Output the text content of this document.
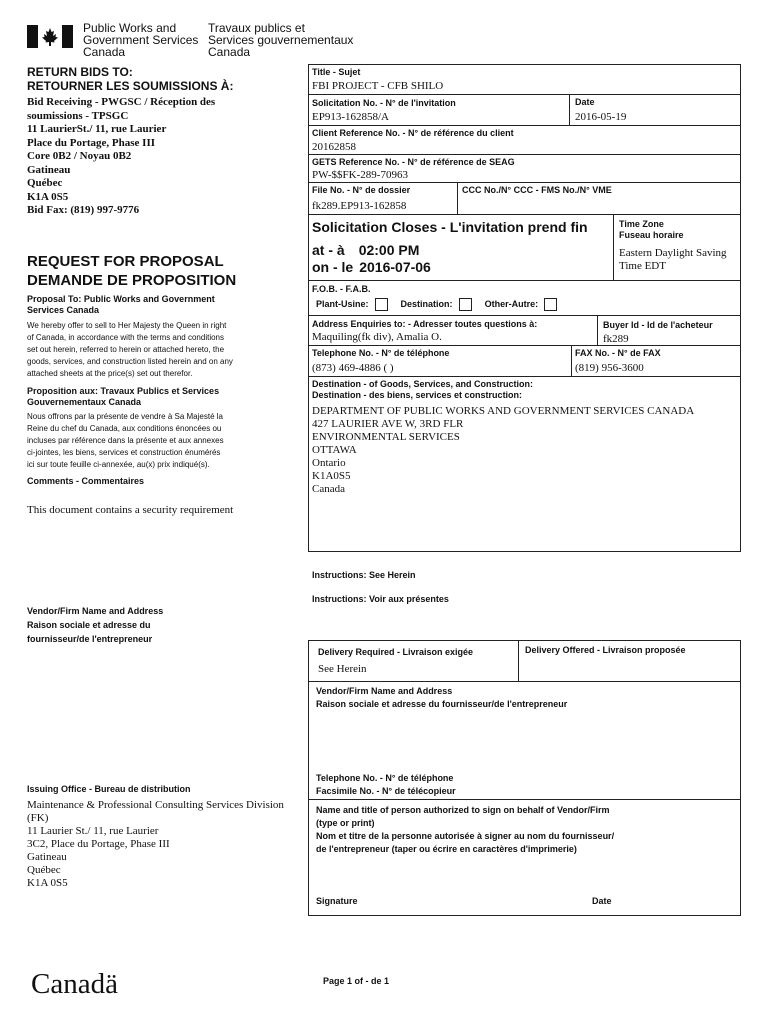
Public Works and
Government Services
Canada
Travaux publics et
Services gouvernementaux
Canada
RETURN BIDS TO:
RETOURNER LES SOUMISSIONS À:
Bid Receiving - PWGSC / Réception des
soumissions - TPSGC
11 LaurierSt./ 11, rue Laurier
Place du Portage, Phase III
Core 0B2 / Noyau 0B2
Gatineau
Québec
K1A 0S5
Bid Fax: (819) 997-9776
REQUEST FOR PROPOSAL
DEMANDE DE PROPOSITION
Proposal To: Public Works and Government
Services Canada
We hereby offer to sell to Her Majesty the Queen in right
of Canada, in accordance with the terms and conditions
set out herein, referred to herein or attached hereto, the
goods, services, and construction listed herein and on any
attached sheets at the price(s) set out therefor.
Proposition aux: Travaux Publics et Services
Gouvernementaux Canada
Nous offrons par la présente de vendre à Sa Majesté la
Reine du chef du Canada, aux conditions énoncées ou
incluses par référence dans la présente et aux annexes
ci-jointes, les biens, services et construction énumérés
ici sur toute feuille ci-annexée, au(x) prix indiqué(s).
Comments - Commentaires
This document contains a security requirement
Vendor/Firm Name and Address
Raison sociale et adresse du
fournisseur/de l'entrepreneur
Issuing Office - Bureau de distribution
Maintenance & Professional Consulting Services Division
(FK)
11 Laurier St./ 11, rue Laurier
3C2, Place du Portage, Phase III
Gatineau
Québec
K1A 0S5
Title - Sujet
FBI PROJECT - CFB SHILO
Solicitation No. - N° de l'invitation
EP913-162858/A
Date
2016-05-19
Client Reference No. - N° de référence du client
20162858
GETS Reference No. - N° de référence de SEAG
PW-$$FK-289-70963
File No. - N° de dossier
fk289.EP913-162858
CCC No./N° CCC - FMS No./N° VME
Solicitation Closes - L'invitation prend fin
at - à 02:00 PM
on - le 2016-07-06
Time Zone
Fuseau horaire
Eastern Daylight Saving
Time EDT
F.O.B. - F.A.B.
Plant-Usine:	Destination:	Other-Autre:
Address Enquiries to: - Adresser toutes questions à:
Maquiling(fk div), Amalia O.
Buyer Id - Id de l'acheteur
fk289
Telephone No. - N° de téléphone
(873) 469-4886 ( )
FAX No. - N° de FAX
(819) 956-3600
Destination - of Goods, Services, and Construction:
Destination - des biens, services et construction:
DEPARTMENT OF PUBLIC WORKS AND GOVERNMENT SERVICES CANADA
427 LAURIER AVE W, 3RD FLR
ENVIRONMENTAL SERVICES
OTTAWA
Ontario
K1A0S5
Canada
Instructions: See Herein
Instructions: Voir aux présentes
Delivery Required - Livraison exigée
See Herein
Delivery Offered - Livraison proposée
Vendor/Firm Name and Address
Raison sociale et adresse du fournisseur/de l'entrepreneur
Telephone No. - N° de téléphone
Facsimile No. - N° de télécopieur
Name and title of person authorized to sign on behalf of Vendor/Firm
(type or print)
Nom et titre de la personne autorisée à signer au nom du fournisseur/
de l'entrepreneur (taper ou écrire en caractères d'imprimerie)
Signature	Date
Canadä	Page 1 of - de 1
